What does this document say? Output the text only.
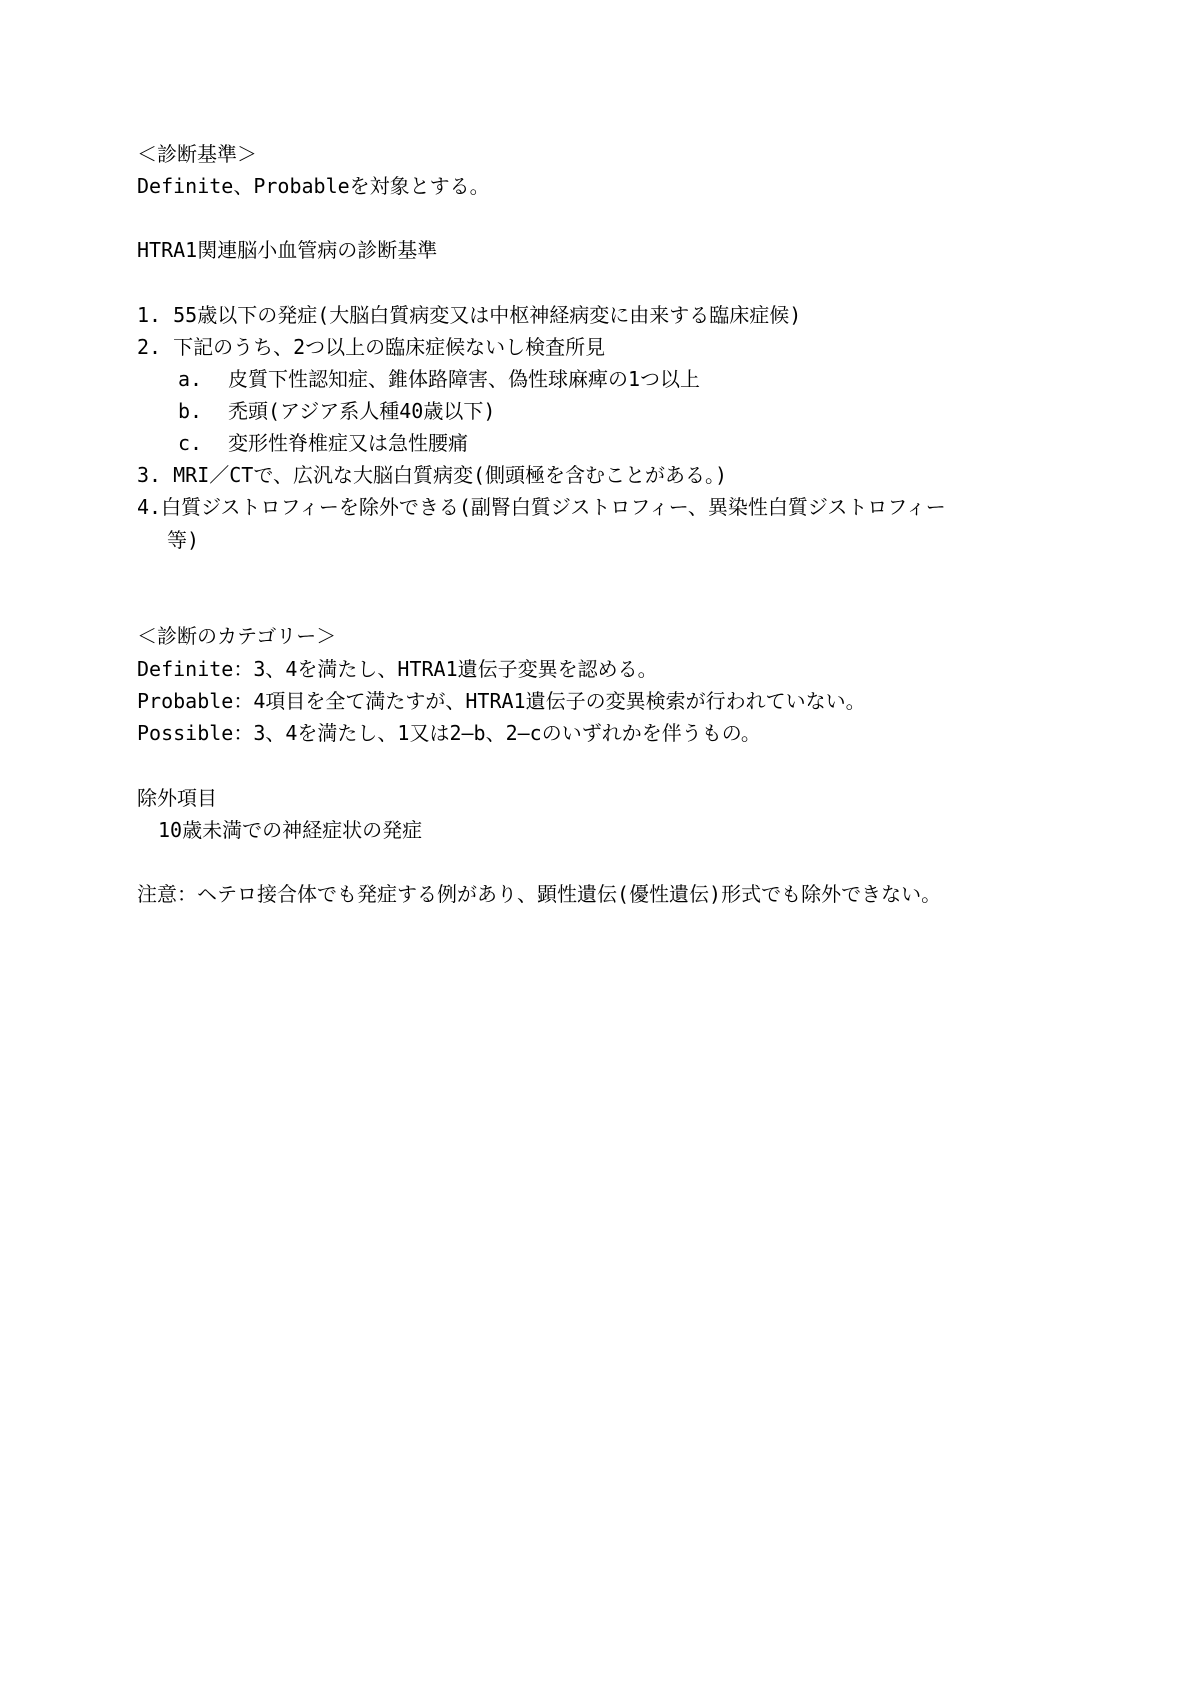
＜診断基準＞
Definite、Probableを対象とする。
HTRA1関連脳小血管病の診断基準
1. 55歳以下の発症(大脳白質病変又は中枢神経病変に由来する臨床症候)
2. 下記のうち、2つ以上の臨床症候ないし検査所見
a. 皮質下性認知症、錐体路障害、偽性球麻痺の1つ以上
b. 禿頭(アジア系人種40歳以下)
c. 変形性脊椎症又は急性腰痛
3. MRI／CTで、広汎な大脳白質病変(側頭極を含むことがある。)
4.白質ジストロフィーを除外できる(副腎白質ジストロフィー、異染性白質ジストロフィー
等)
＜診断のカテゴリー＞
Definite：3、4を満たし、HTRA1遺伝子変異を認める。
Probable：4項目を全て満たすが、HTRA1遺伝子の変異検索が行われていない。
Possible：3、4を満たし、1又は2―b、2―cのいずれかを伴うもの。
除外項目
10歳未満での神経症状の発症
注意：ヘテロ接合体でも発症する例があり、顕性遺伝(優性遺伝)形式でも除外できない。
